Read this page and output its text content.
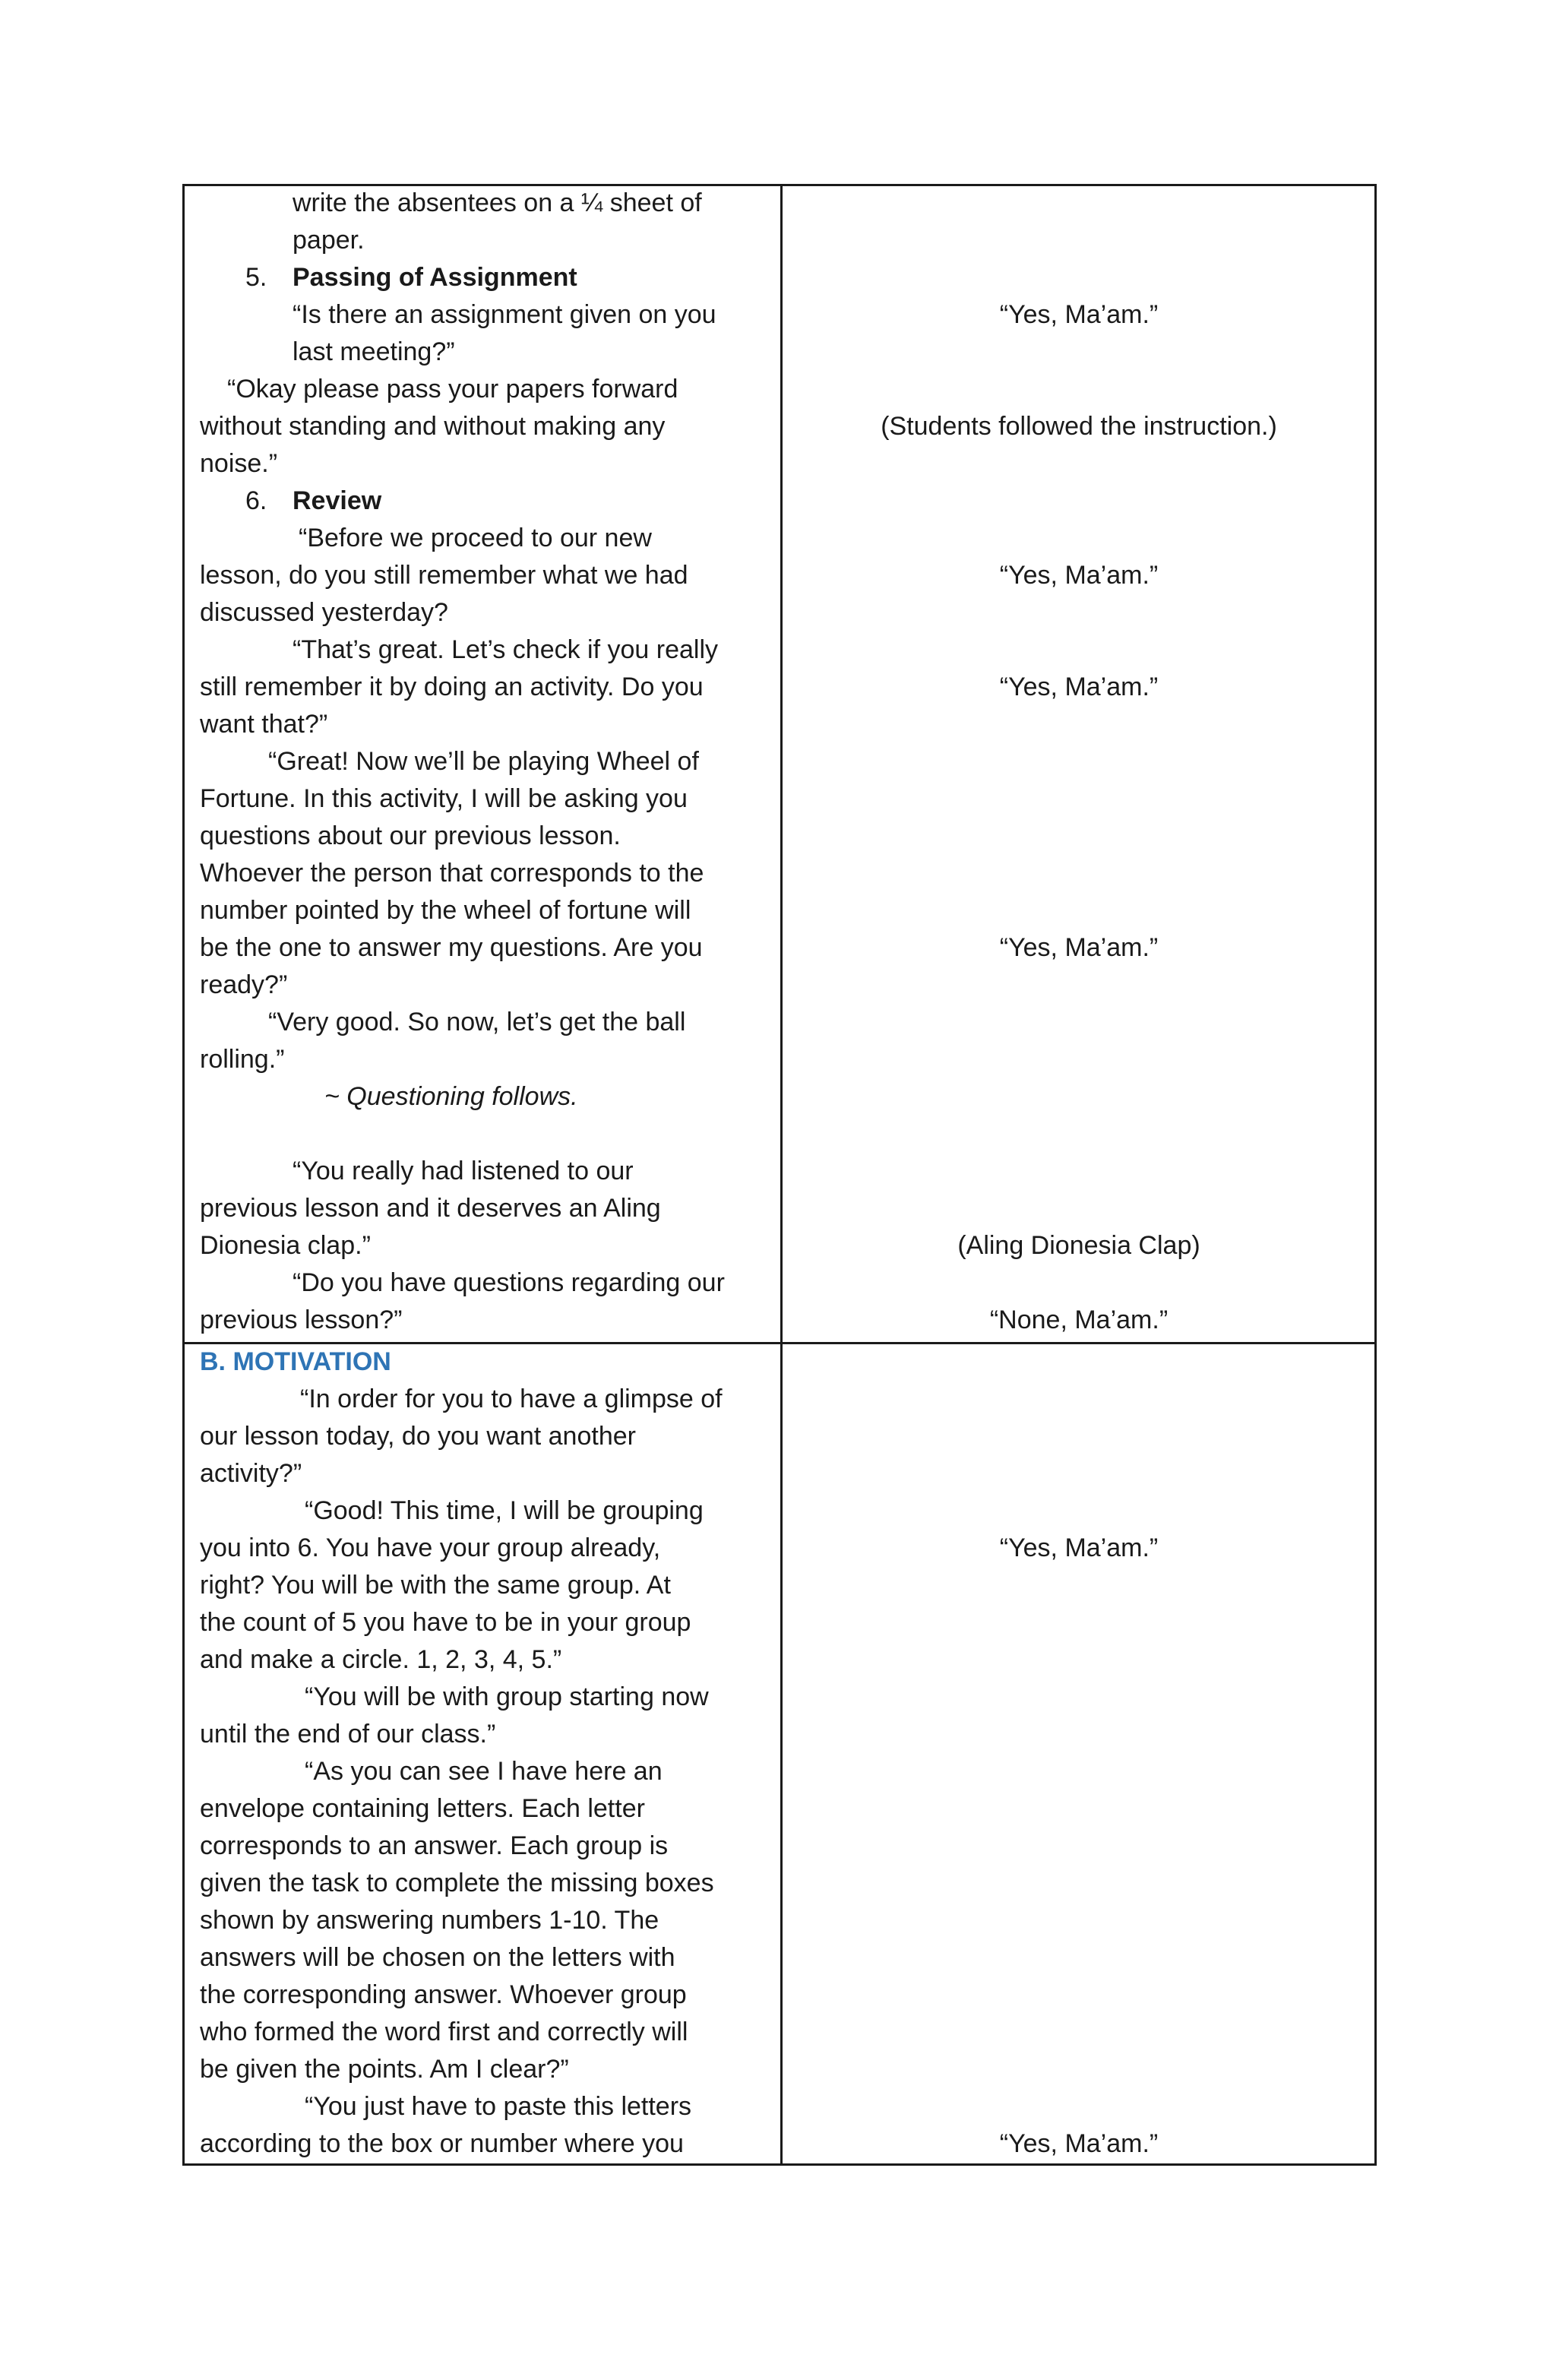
write the absentees on a ¼ sheet of
paper.
5. Passing of Assignment
“Is there an assignment given on you
last meeting?”
“Okay please pass your papers forward
without standing and without making any
noise.”
6. Review
“Before we proceed to our new
lesson, do you still remember what we had
discussed yesterday?
“That’s great. Let’s check if you really
still remember it by doing an activity. Do you
want that?”
“Great! Now we’ll be playing Wheel of
Fortune. In this activity, I will be asking you
questions about our previous lesson.
Whoever the person that corresponds to the
number pointed by the wheel of fortune will
be the one to answer my questions. Are you
ready?”
“Very good. So now, let’s get the ball
rolling.”
~ Questioning follows.
“You really had listened to our
previous lesson and it deserves an Aling
Dionesia clap.”
“Do you have questions regarding our
previous lesson?”
“Yes, Ma’am.”
(Students followed the instruction.)
“Yes, Ma’am.”
“Yes, Ma’am.”
“Yes, Ma’am.”
(Aling Dionesia Clap)
“None, Ma’am.”
B. MOTIVATION
“In order for you to have a glimpse of
our lesson today, do you want another
activity?”
“Good! This time, I will be grouping
you into 6. You have your group already,
right? You will be with the same group. At
the count of 5 you have to be in your group
and make a circle. 1, 2, 3, 4, 5.”
“You will be with group starting now
until the end of our class.”
“As you can see I have here an
envelope containing letters. Each letter
corresponds to an answer. Each group is
given the task to complete the missing boxes
shown by answering numbers 1-10. The
answers will be chosen on the letters with
the corresponding answer. Whoever group
who formed the word first and correctly will
be given the points. Am I clear?”
“You just have to paste this letters
according to the box or number where you
“Yes, Ma’am.”
“Yes, Ma’am.”
